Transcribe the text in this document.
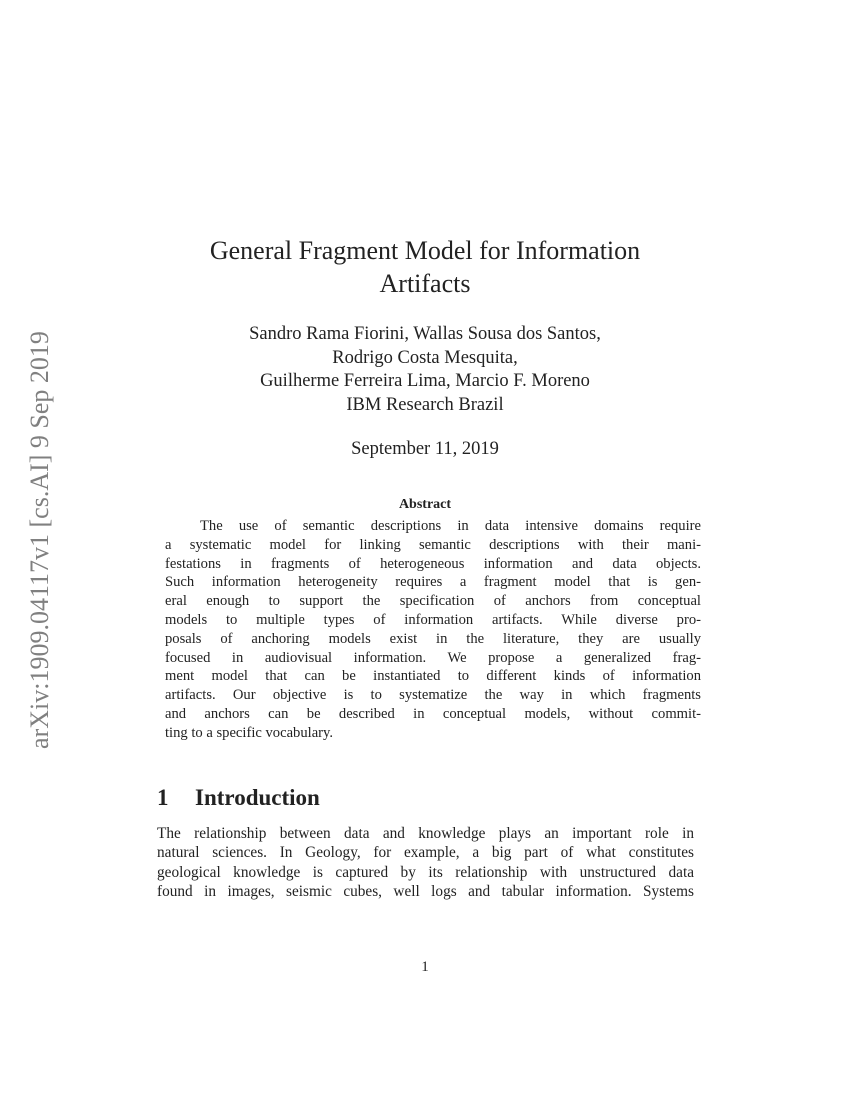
arXiv:1909.04117v1 [cs.AI] 9 Sep 2019
General Fragment Model for Information
Artifacts
Sandro Rama Fiorini, Wallas Sousa dos Santos,
Rodrigo Costa Mesquita,
Guilherme Ferreira Lima, Marcio F. Moreno
IBM Research Brazil
September 11, 2019
Abstract
The use of semantic descriptions in data intensive domains require
a systematic model for linking semantic descriptions with their mani-
festations in fragments of heterogeneous information and data objects.
Such information heterogeneity requires a fragment model that is gen-
eral enough to support the specification of anchors from conceptual
models to multiple types of information artifacts. While diverse pro-
posals of anchoring models exist in the literature, they are usually
focused in audiovisual information. We propose a generalized frag-
ment model that can be instantiated to different kinds of information
artifacts. Our objective is to systematize the way in which fragments
and anchors can be described in conceptual models, without commit-
ting to a specific vocabulary.
1 Introduction
The relationship between data and knowledge plays an important role in
natural sciences. In Geology, for example, a big part of what constitutes
geological knowledge is captured by its relationship with unstructured data
found in images, seismic cubes, well logs and tabular information. Systems
1
